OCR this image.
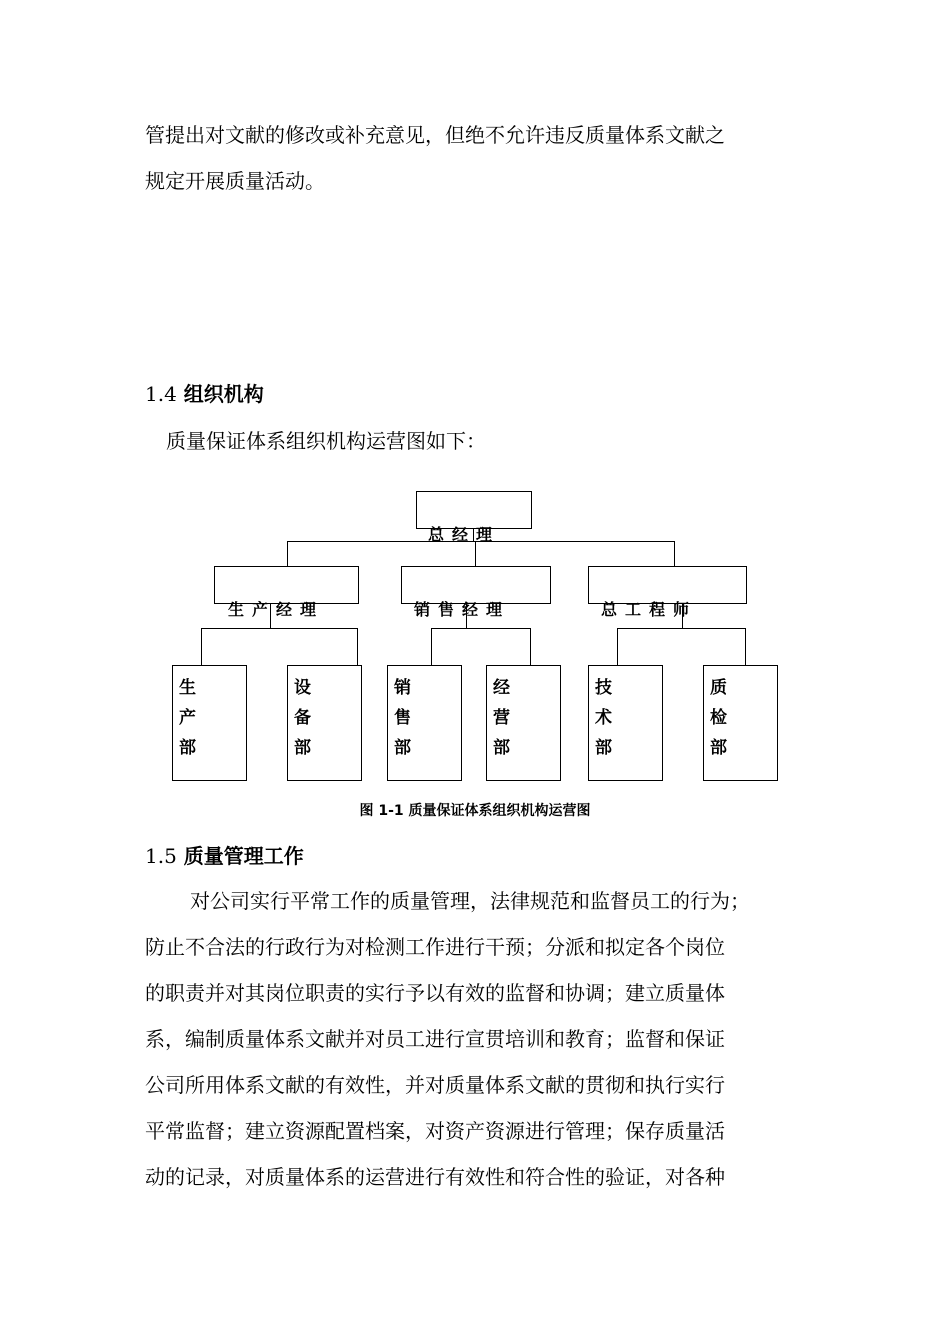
管提出对文献的修改或补充意见，但绝不允许违反质量体系文献之
规定开展质量活动。
1.4 组织机构
质量保证体系组织机构运营图如下：
总经理
生产经理	销售经理	总工程师
生产部
设备部
销售部
经营部
技术部
质检部
图 1-1 质量保证体系组织机构运营图
1.5 质量管理工作
对公司实行平常工作的质量管理，法律规范和监督员工的行为；
防止不合法的行政行为对检测工作进行干预；分派和拟定各个岗位
的职责并对其岗位职责的实行予以有效的监督和协调；建立质量体
系，编制质量体系文献并对员工进行宣贯培训和教育；监督和保证
公司所用体系文献的有效性，并对质量体系文献的贯彻和执行实行
平常监督；建立资源配置档案，对资产资源进行管理；保存质量活
动的记录，对质量体系的运营进行有效性和符合性的验证，对各种
